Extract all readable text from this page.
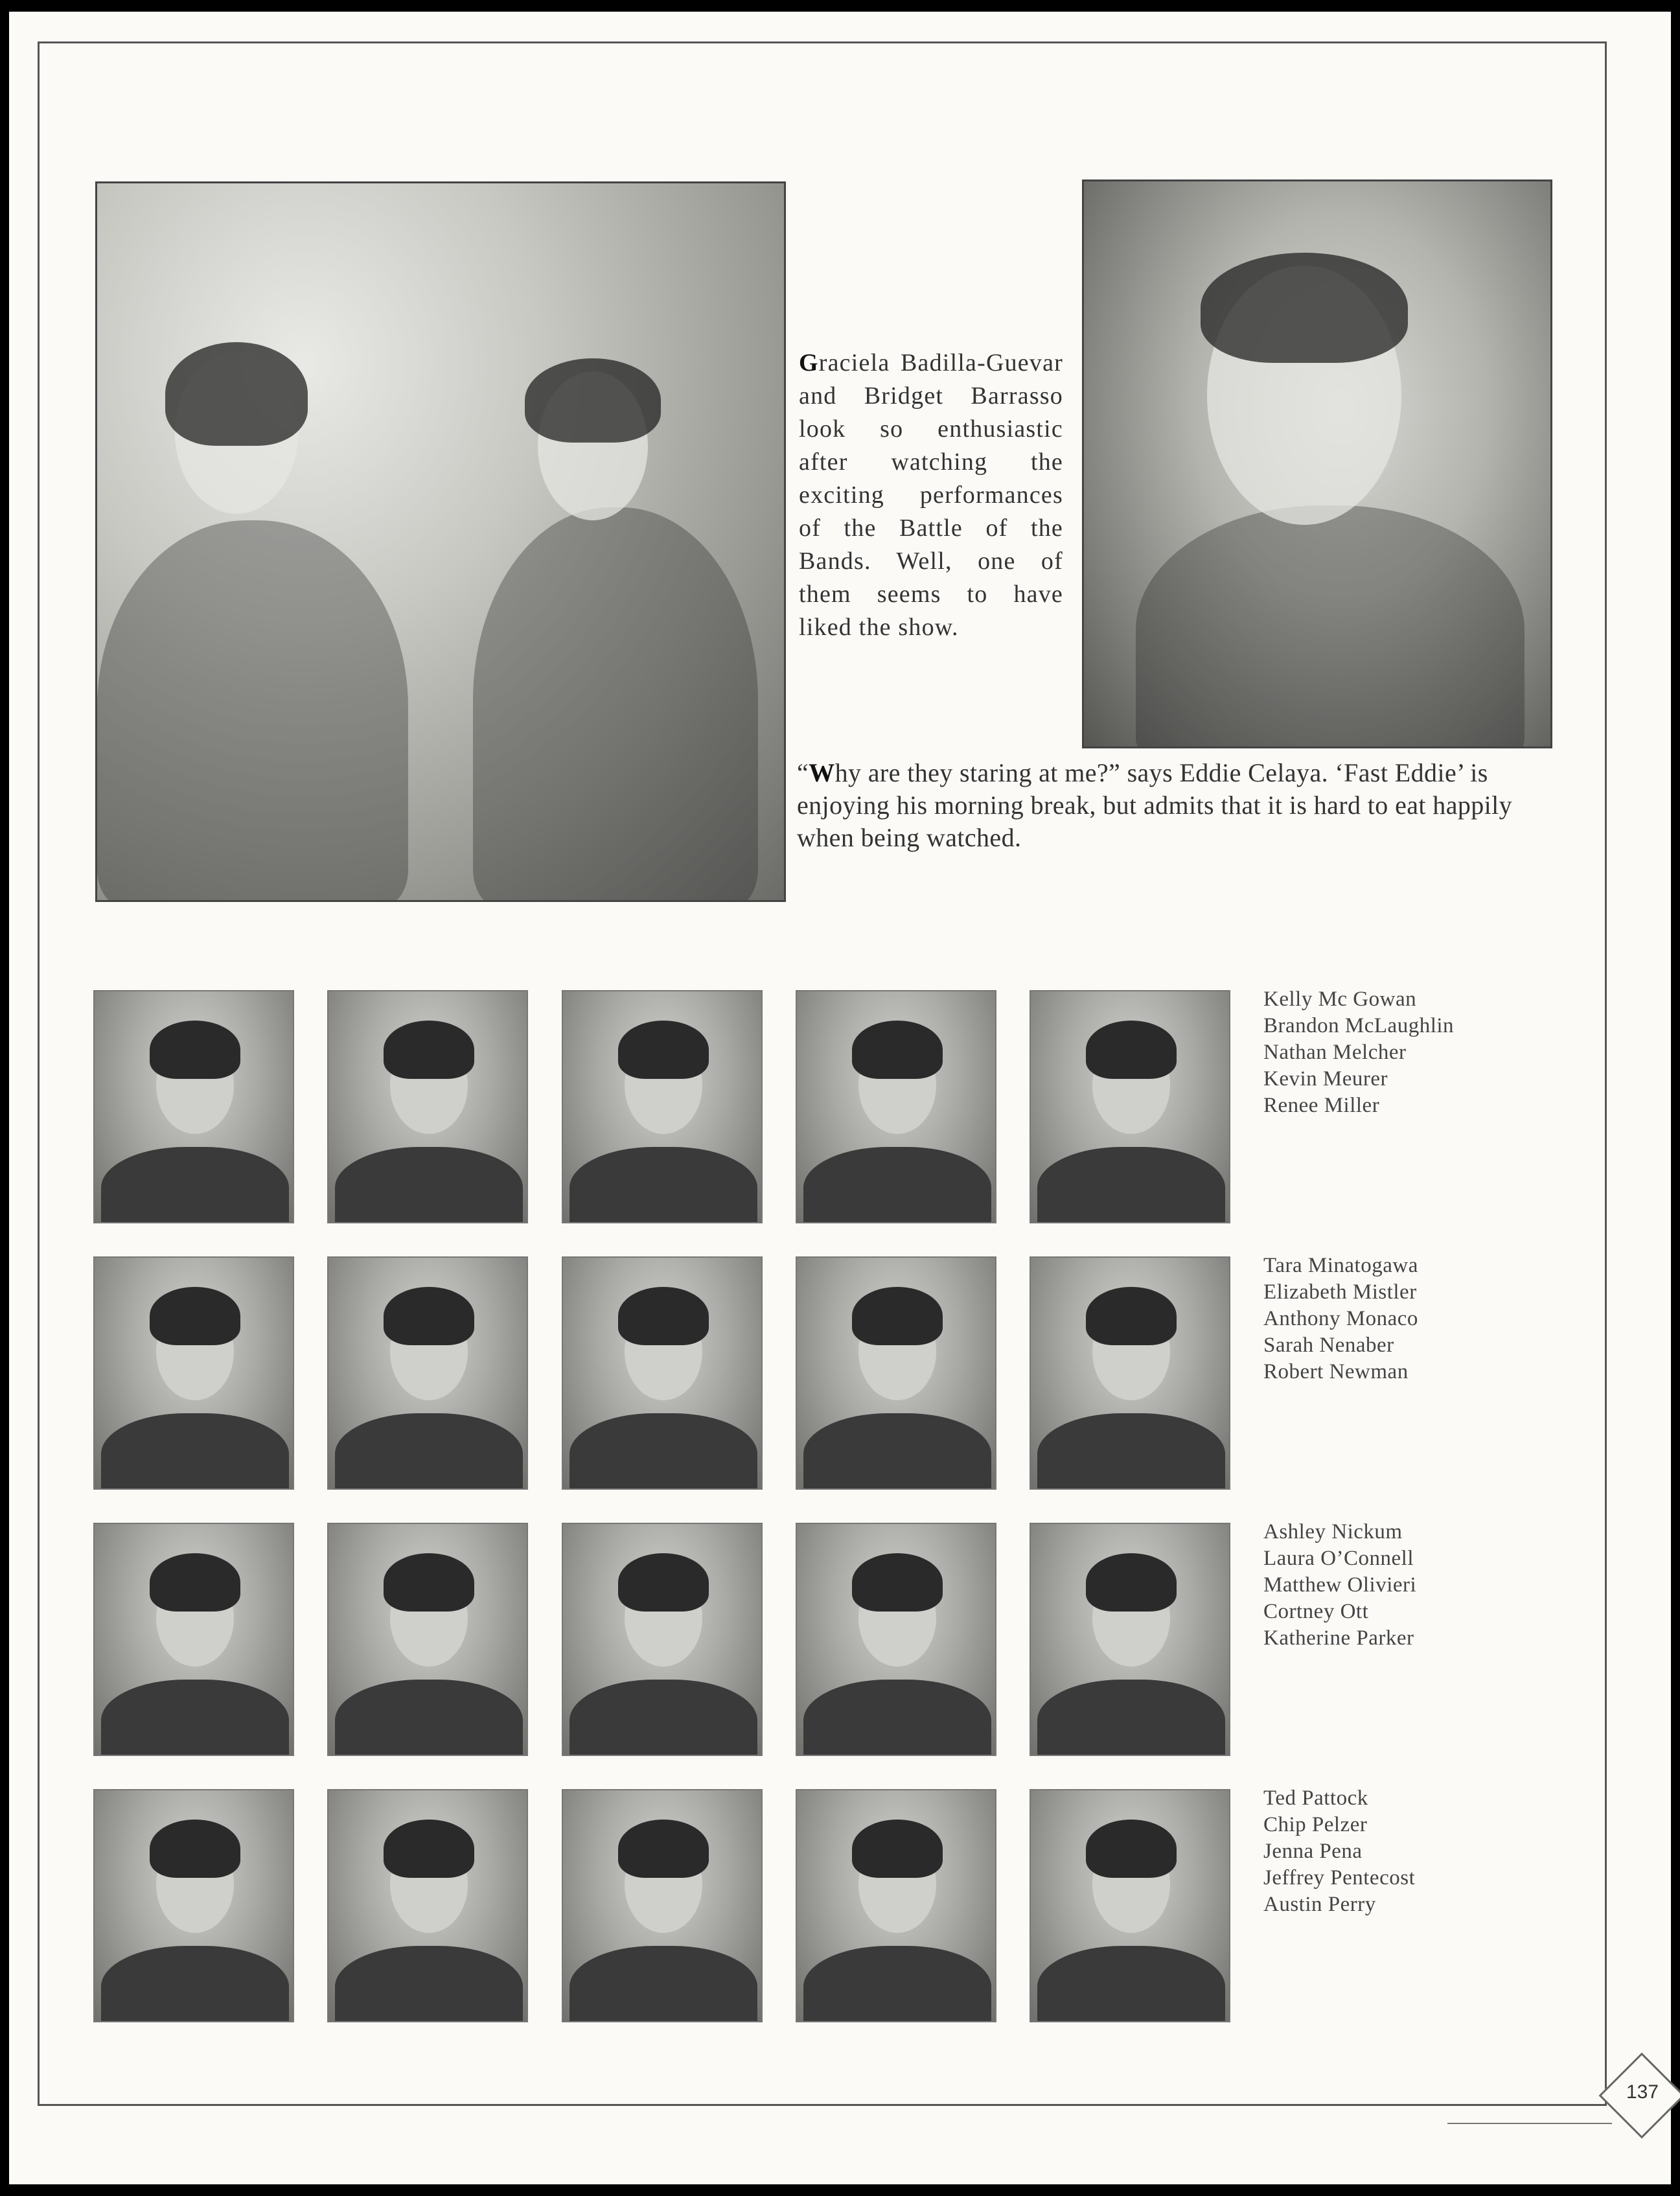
Graciela Badilla-Guevar and Bridget Barrasso look so enthusiastic after watching the exciting performances of the Battle of the Bands. Well, one of them seems to have liked the show.
“Why are they staring at me?” says Eddie Celaya. ‘Fast Eddie’ is enjoying his morning break, but admits that it is hard to eat happily when being watched.
Kelly Mc Gowan
Brandon McLaughlin
Nathan Melcher
Kevin Meurer
Renee Miller
Tara Minatogawa
Elizabeth Mistler
Anthony Monaco
Sarah Nenaber
Robert Newman
Ashley Nickum
Laura O’Connell
Matthew Olivieri
Cortney Ott
Katherine Parker
Ted Pattock
Chip Pelzer
Jenna Pena
Jeffrey Pentecost
Austin Perry
137
